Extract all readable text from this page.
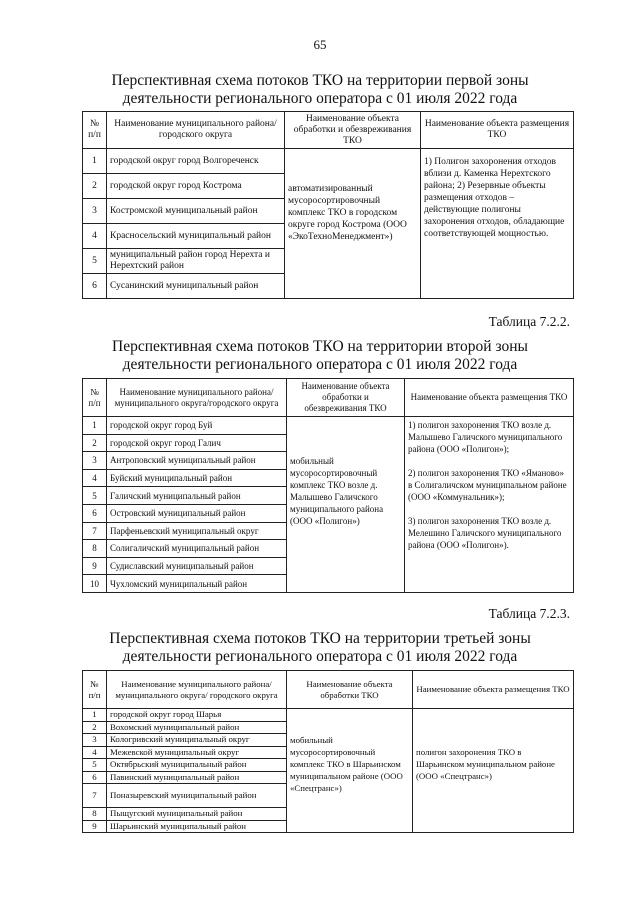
65
Перспективная схема потоков ТКО на территории первой зоны
деятельности регионального оператора с 01 июля 2022 года
№ п/п	Наименование муниципального района/ городского округа	Наименование объекта обработки и обезвреживания ТКО	Наименование объекта размещения ТКО
1	городской округ город Волгореченск	автоматизированный мусоросортировочный комплекс ТКО в городском округе город Кострома (ООО «ЭкоТехноМенеджмент»)	1) Полигон захоронения отходов вблизи д. Каменка Нерехтского района; 2) Резервные объекты размещения отходов – действующие полигоны захоронения отходов, обладающие соответствующей мощностью.

2	городской округ город Кострома		
3	Костромской муниципальный район		
4	Красносельский муниципальный район		
5	муниципальный район город Нерехта и Нерехтский район		
6	Сусанинский муниципальный район		
Таблица 7.2.2.
Перспективная схема потоков ТКО на территории второй зоны
деятельности регионального оператора с 01 июля 2022 года
№ п/п	Наименование муниципального района/ муниципального округа/городского округа	Наименование объекта обработки и обезвреживания ТКО	Наименование объекта размещения ТКО
1	городской округ город Буй	мобильный мусоросортировочный комплекс ТКО возле д. Малышево Галичского муниципального района (ООО «Полигон»)	1) полигон захоронения ТКО возле д. Малышево Галичского муниципального района (ООО «Полигон»);
2) полигон захоронения ТКО «Яманово» в Солигаличском муниципальном районе (ООО «Коммунальник»);
3) полигон захоронения ТКО возле д. Мелешино Галичского муниципального района (ООО «Полигон»).

2	городской округ город Галич		
3	Антроповский муниципальный район		
4	Буйский муниципальный район		
5	Галичский муниципальный район		
6	Островский муниципальный район		
7	Парфеньевский муниципальный округ		
8	Солигаличский муниципальный район		
9	Судиславский муниципальный район		
10	Чухломский муниципальный район		
Таблица 7.2.3.
Перспективная схема потоков ТКО на территории третьей зоны
деятельности регионального оператора с 01 июля 2022 года
№ п/п	Наименование муниципального района/муниципального округа/ городского округа	Наименование объекта обработки ТКО	Наименование объекта размещения ТКО
1	городской округ город Шарья	мобильный мусоросортировочный комплекс ТКО в Шарьинском муниципальном районе (ООО «Спецтранс»)	полигон захоронения ТКО в Шарьинском муниципальном районе (ООО «Спецтранс»)

2	Вохомский муниципальный район		
3	Кологривский муниципальный округ		
4	Межевской муниципальный округ		
5	Октябрьский муниципальный район		
6	Павинский муниципальный район		
7	Поназыревский муниципальный район		
8	Пыщугский муниципальный район		
9	Шарьинский муниципальный район		
